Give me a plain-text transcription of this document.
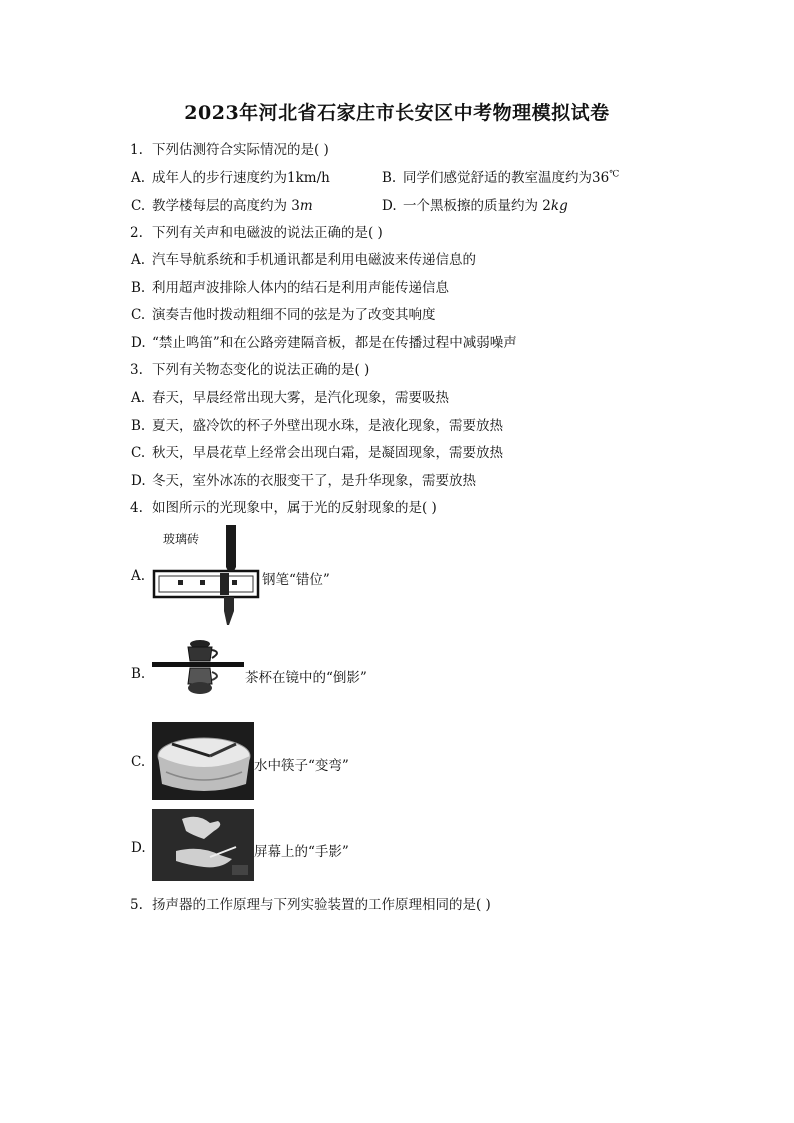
2023年河北省石家庄市长安区中考物理模拟试卷
1. 下列估测符合实际情况的是( )
A. 成年人的步行速度约为1km/h	B. 同学们感觉舒适的教室温度约为36℃
C. 教学楼每层的高度约为 3m	D. 一个黑板擦的质量约为 2kg
2. 下列有关声和电磁波的说法正确的是( )
A. 汽车导航系统和手机通讯都是利用电磁波来传递信息的
B. 利用超声波排除人体内的结石是利用声能传递信息
C. 演奏吉他时拨动粗细不同的弦是为了改变其响度
D. “禁止鸣笛”和在公路旁建隔音板，都是在传播过程中减弱噪声
3. 下列有关物态变化的说法正确的是( )
A. 春天，早晨经常出现大雾，是汽化现象，需要吸热
B. 夏天，盛冷饮的杯子外壁出现水珠，是液化现象，需要放热
C. 秋天，早晨花草上经常会出现白霜，是凝固现象，需要放热
D. 冬天，室外冰冻的衣服变干了，是升华现象，需要放热
4. 如图所示的光现象中，属于光的反射现象的是( )
A.
玻璃砖
钢笔“错位”
B.	茶杯在镜中的“倒影”
C.	水中筷子“变弯”
D.	屏幕上的“手影”
5. 扬声器的工作原理与下列实验装置的工作原理相同的是( )
